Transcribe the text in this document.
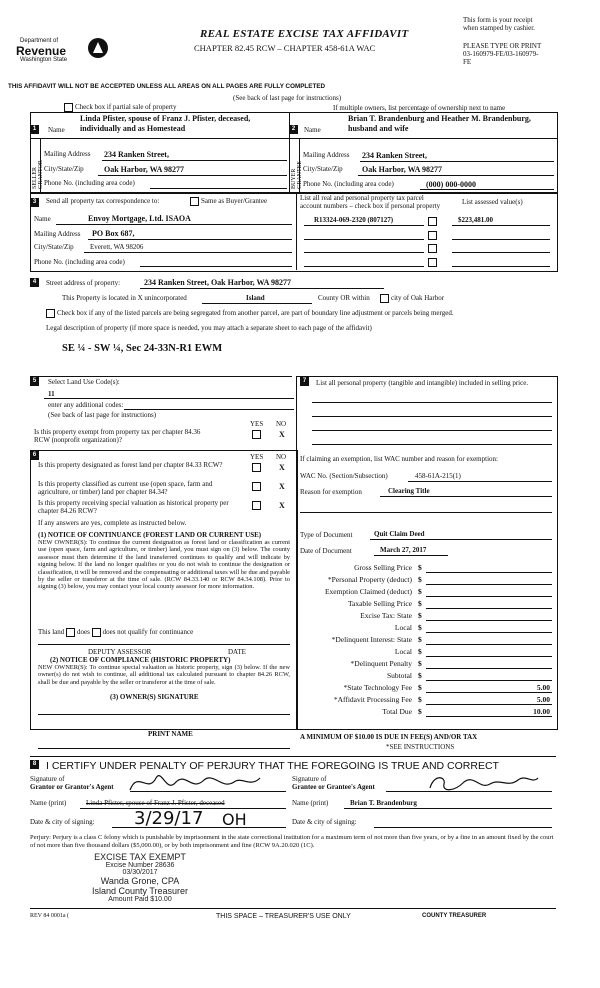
Department of
Revenue
Washington State
REAL ESTATE EXCISE TAX AFFIDAVIT
CHAPTER 82.45 RCW – CHAPTER 458-61A WAC
This form is your receipt
when stamped by cashier.
PLEASE TYPE OR PRINT
03-160979-FE/03-160979-
FE
THIS AFFIDAVIT WILL NOT BE ACCEPTED UNLESS ALL AREAS ON ALL PAGES ARE FULLY COMPLETED
(See back of last page for instructions)
Check box if partial sale of property	If multiple owners, list percentage of ownership next to name
1	2
Linda Pfister, spouse of Franz J. Pfister, deceased,
Name individually and as Homestead
SELLER GRANTOR
Mailing Address 234 Ranken Street,
City/State/Zip	Oak Harbor, WA 98277
Phone No. (including area code)
Brian T. Brandenburg and Heather M. Brandenburg,
Name	husband and wife
BUYER GRANTEE
Mailing Address 234 Ranken Street,
City/State/Zip Oak Harbor, WA 98277
Phone No. (including area code)	(000) 000-0000
3	Send all property tax correspondence to:	Same as Buyer/Grantee
Name	Envoy Mortgage, Ltd. ISAOA
Mailing Address PO Box 687,
City/State/Zip Everett, WA 98206
Phone No. (including area code)
List all real and personal property tax parcel account numbers – check box if personal property	List assessed value(s)
R13324-069-2320 (807127)	$223,481.00
4	Street address of property:	234 Ranken Street, Oak Harbor, WA 98277
This Property is located in X unincorporated	Island	County OR within	city of Oak Harbor
Check box if any of the listed parcels are being segregated from another parcel, are part of boundary line adjustment or parcels being merged.
Legal description of property (if more space is needed, you may attach a separate sheet to each page of the affidavit)
SE ¼ - SW ¼, Sec 24-33N-R1 EWM
5	Select Land Use Code(s):
11
enter any additional codes:
(See back of last page for instructions)
YES NO
Is this property exempt from property tax per chapter 84.36 RCW (nonprofit organization)?
X
6	YES NO
Is this property designated as forest land per chapter 84.33 RCW?	X
Is this property classified as current use (open space, farm and agriculture, or timber) land per chapter 84.34?
X
Is this property receiving special valuation as historical property per chapter 84.26 RCW?
X
If any answers are yes, complete as instructed below.
(1) NOTICE OF CONTINUANCE (FOREST LAND OR CURRENT USE)
NEW OWNER(S): To continue the current designation as forest land or classification as current use (open space, farm and agriculture, or timber) land, you must sign on (3) below. The county assessor must then determine if the land transferred continues to qualify and will indicate by signing below. If the land no longer qualifies or you do not wish to continue the designation or classification, it will be removed and the compensating or additional taxes will be due and payable by the seller or transferor at the time of sale. (RCW 84.33.140 or RCW 84.34.108). Prior to signing (3) below, you may contact your local county assessor for more information.
This land does does not qualify for continuance
DEPUTY ASSESSOR	DATE
(2) NOTICE OF COMPLIANCE (HISTORIC PROPERTY)
NEW OWNER(S): To continue special valuation as historic property, sign (3) below. If the new owner(s) do not wish to continue, all additional tax calculated pursuant to chapter 84.26 RCW, shall be due and payable by the seller or transferor at the time of sale.
(3) OWNER(S) SIGNATURE
PRINT NAME
7	List all personal property (tangible and intangible) included in selling price.
If claiming an exemption, list WAC number and reason for exemption:
WAC No. (Section/Subsection)	458-61A-215(1)
Reason for exemption	Clearing Title
Type of Document	Quit Claim Deed
Date of Document	March 27, 2017
Gross Selling Price $
*Personal Property (deduct) $
Exemption Claimed (deduct) $
Taxable Selling Price $
Excise Tax: State $
Local $
*Delinquent Interest: State $
Local $
*Delinquent Penalty $
Subtotal $
*State Technology Fee $	5.00
*Affidavit Processing Fee $	5.00
Total Due $	10.00
A MINIMUM OF $10.00 IS DUE IN FEE(S) AND/OR TAX
*SEE INSTRUCTIONS
8 I CERTIFY UNDER PENALTY OF PERJURY THAT THE FOREGOING IS TRUE AND CORRECT
Signature of
Grantor or Grantor's Agent
Signature of
Grantee or Grantee's Agent
Name (print)	Linda Pfister, spouse of Franz J. Pfister, deceased	Name (print)	Brian T. Brandenburg
Date & city of signing: 3/29/17 OH	Date & city of signing:
Perjury: Perjury is a class C felony which is punishable by imprisonment in the state correctional institution for a maximum term of not more than five years, or by a fine in an amount fixed by the court of not more than five thousand dollars ($5,000.00), or by both imprisonment and fine (RCW 9A.20.020 (1C).
EXCISE TAX EXEMPT
Excise Number 28636
03/30/2017
Wanda Grone, CPA
Island County Treasurer
Amount Paid $10.00
REV 84 0001a (	THIS SPACE – TREASURER'S USE ONLY	COUNTY TREASURER
